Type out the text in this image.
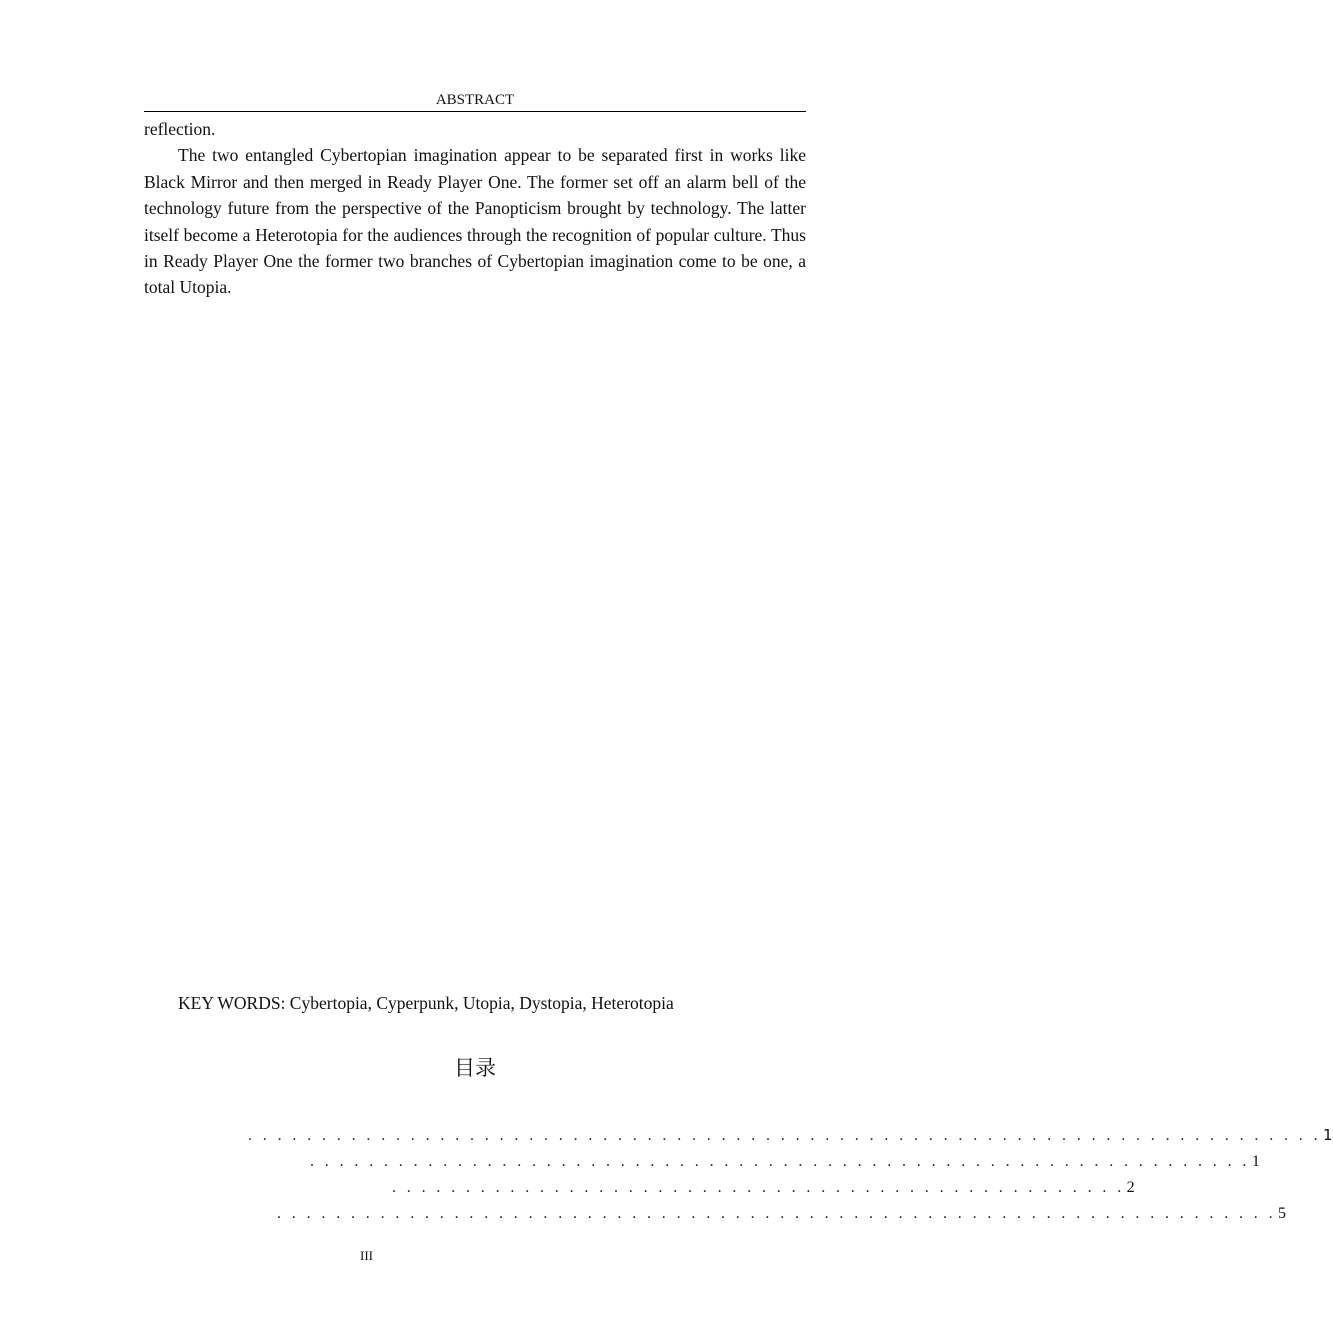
ABSTRACT

reflection.

The two entangled Cybertopian imagination appear to be separated first in works like Black Mirror and then merged in Ready Player One. The former set off an alarm bell of the technology future from the perspective of the Panopticism brought by technology. The latter itself become a Heterotopia for the audiences through the recognition of popular culture. Thus in Ready Player One the former two branches of Cybertopian imagination come to be one, a total Utopia.

KEY WORDS: Cybertopia, Cyperpunk, Utopia, Dystopia, Heterotopia
目录
. . . . . . . . . . . . . . . . . . . . . . . . . . . . . . . . . . . . . . . . . . . . . . . . . . . . . . . . . . . . . . . . . . . . . . . . . 1
. . . . . . . . . . . . . . . . . . . . . . . . . . . . . . . . . . . . . . . . . . . . . . . . . . . . . . . . . . . . . . . . 1
. . . . . . . . . . . . . . . . . . . . . . . . . . . . . . . . . . . . . . . . . . . . . . . . . . 2
. . . . . . . . . . . . . . . . . . . . . . . . . . . . . . . . . . . . . . . . . . . . . . . . . . . . . . . . . . . . . . . . . . . . 5
III
